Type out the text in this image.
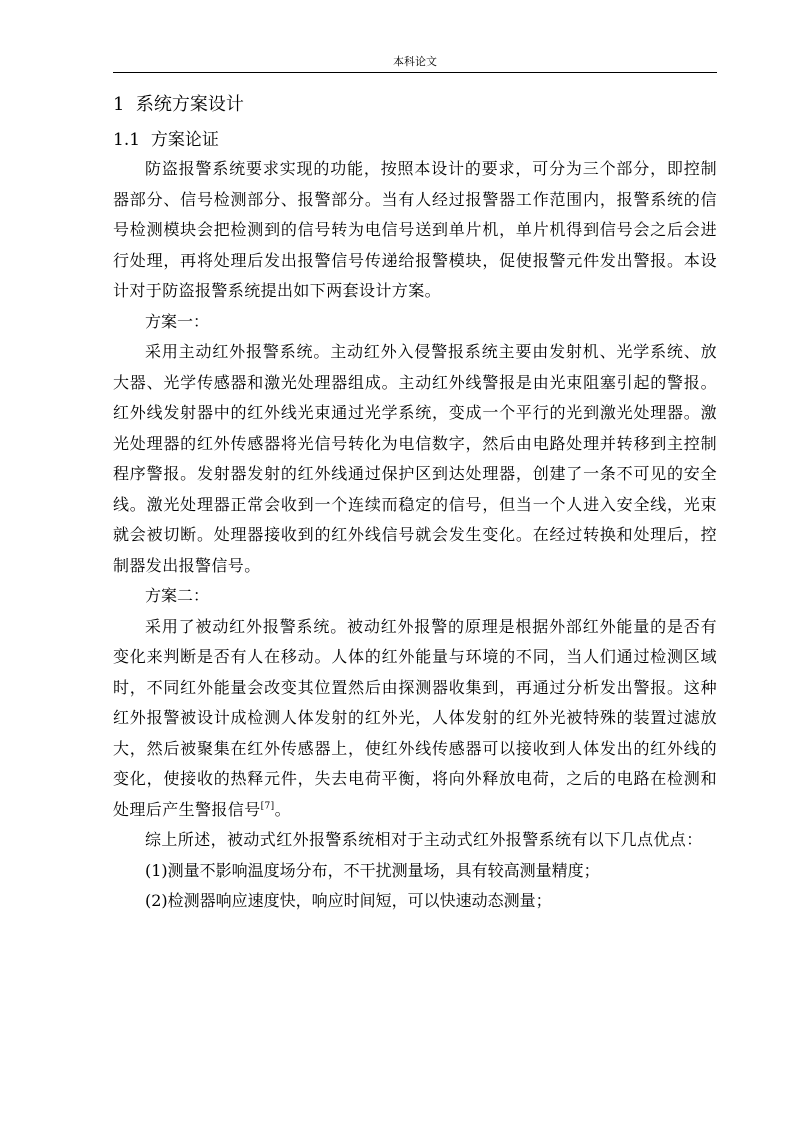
本科论文
1 系统方案设计
1.1 方案论证

防盗报警系统要求实现的功能，按照本设计的要求，可分为三个部分，即控制器部分、信号检测部分、报警部分。当有人经过报警器工作范围内，报警系统的信号检测模块会把检测到的信号转为电信号送到单片机，单片机得到信号会之后会进行处理，再将处理后发出报警信号传递给报警模块，促使报警元件发出警报。本设计对于防盗报警系统提出如下两套设计方案。

方案一：

采用主动红外报警系统。主动红外入侵警报系统主要由发射机、光学系统、放大器、光学传感器和激光处理器组成。主动红外线警报是由光束阻塞引起的警报。红外线发射器中的红外线光束通过光学系统，变成一个平行的光到激光处理器。激光处理器的红外传感器将光信号转化为电信数字，然后由电路处理并转移到主控制程序警报。发射器发射的红外线通过保护区到达处理器，创建了一条不可见的安全线。激光处理器正常会收到一个连续而稳定的信号，但当一个人进入安全线，光束就会被切断。处理器接收到的红外线信号就会发生变化。在经过转换和处理后，控制器发出报警信号。

方案二：

采用了被动红外报警系统。被动红外报警的原理是根据外部红外能量的是否有变化来判断是否有人在移动。人体的红外能量与环境的不同，当人们通过检测区域时，不同红外能量会改变其位置然后由探测器收集到，再通过分析发出警报。这种红外报警被设计成检测人体发射的红外光，人体发射的红外光被特殊的装置过滤放大，然后被聚集在红外传感器上，使红外线传感器可以接收到人体发出的红外线的变化，使接收的热释元件，失去电荷平衡，将向外释放电荷，之后的电路在检测和处理后产生警报信号[7]。

综上所述，被动式红外报警系统相对于主动式红外报警系统有以下几点优点：

(1)测量不影响温度场分布，不干扰测量场，具有较高测量精度；

(2)检测器响应速度快，响应时间短，可以快速动态测量；
